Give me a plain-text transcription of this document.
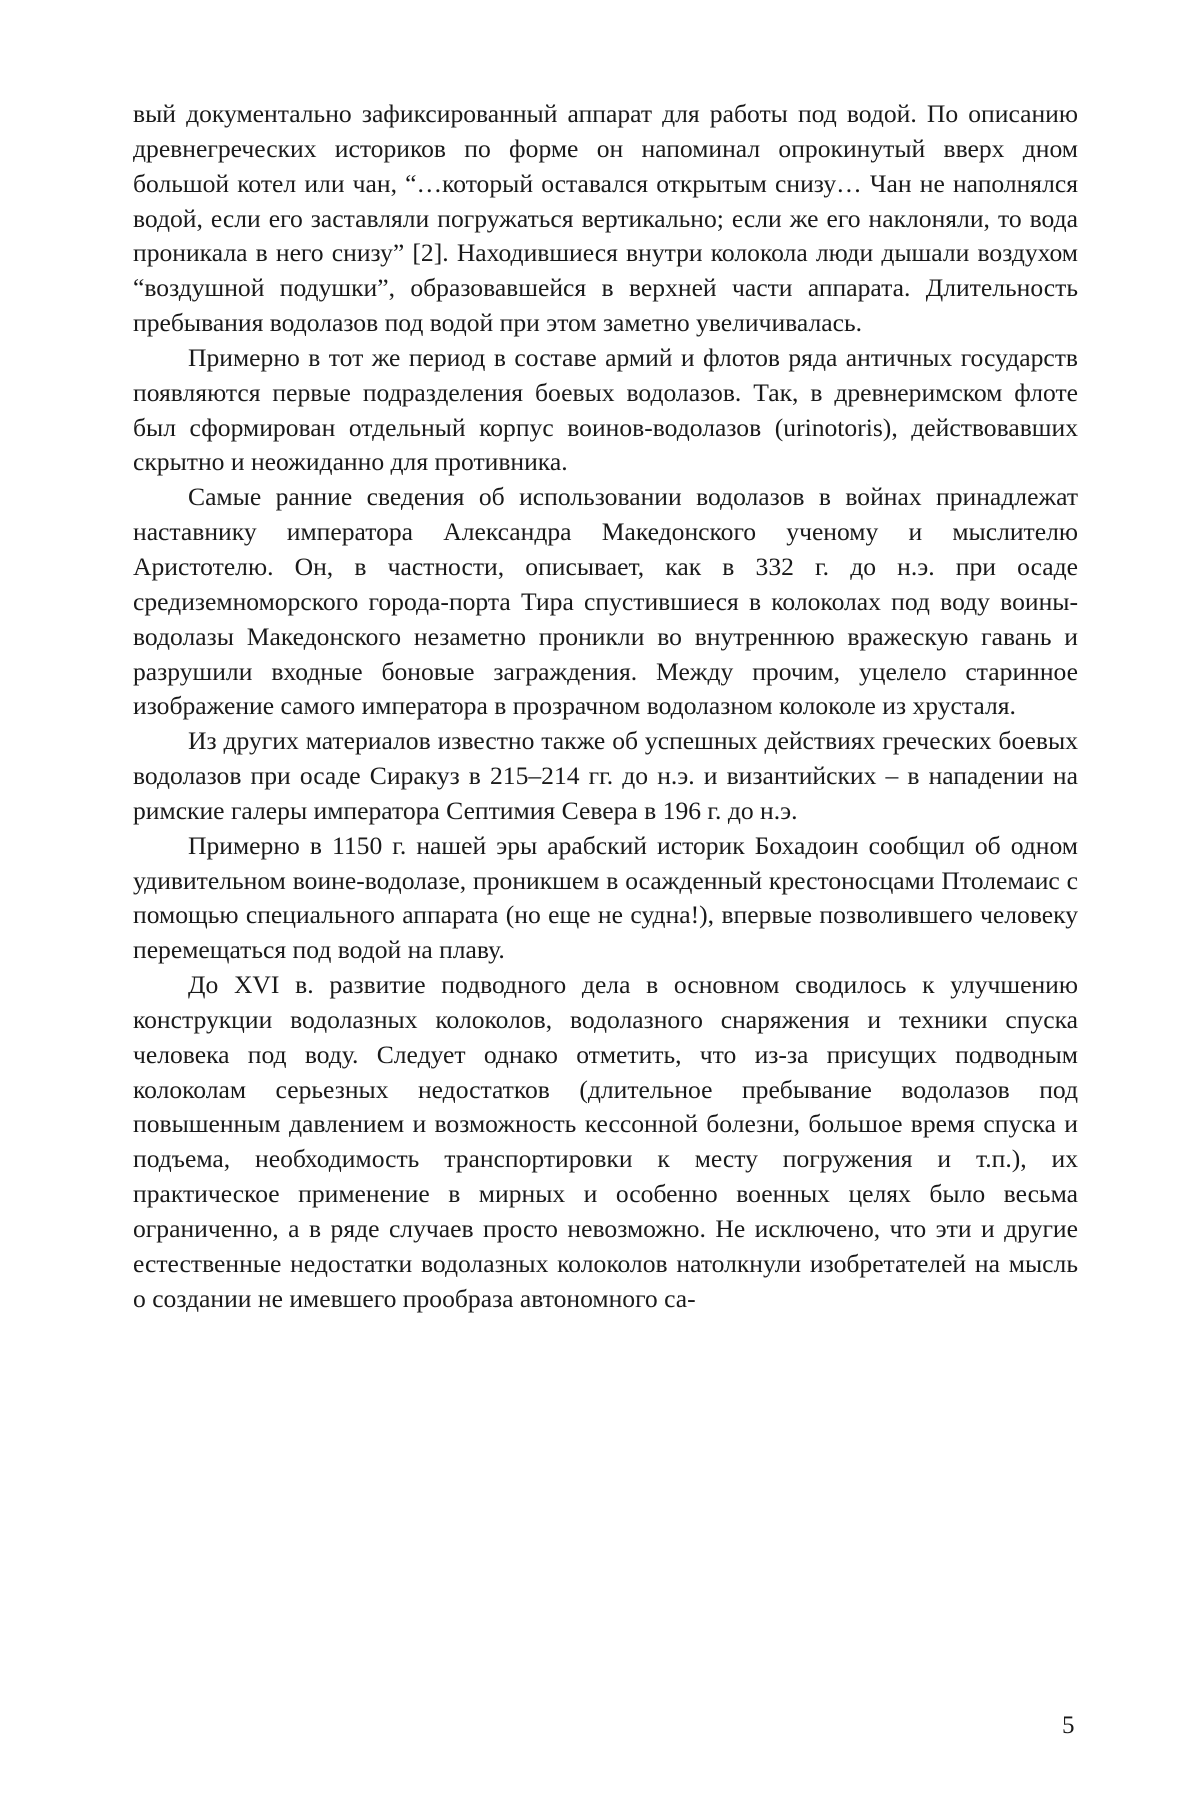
вый документально зафиксированный аппарат для работы под водой. По описанию древнегреческих историков по форме он напоминал опрокинутый вверх дном большой котел или чан, “…который оставался открытым снизу… Чан не наполнялся водой, если его заставляли погружаться вертикально; если же его наклоняли, то вода проникала в него снизу” [2]. Находившиеся внутри колокола люди дышали воздухом “воздушной подушки”, образовавшейся в верхней части аппарата. Длительность пребывания водолазов под водой при этом заметно увеличивалась.

Примерно в тот же период в составе армий и флотов ряда античных государств появляются первые подразделения боевых водолазов. Так, в древнеримском флоте был сформирован отдельный корпус воинов-водолазов (urinotoris), действовавших скрытно и неожиданно для противника.

Самые ранние сведения об использовании водолазов в войнах принадлежат наставнику императора Александра Македонского ученому и мыслителю Аристотелю. Он, в частности, описывает, как в 332 г. до н.э. при осаде средиземноморского города-порта Тира спустившиеся в колоколах под воду воины-водолазы Македонского незаметно проникли во внутреннюю вражескую гавань и разрушили входные боновые заграждения. Между прочим, уцелело старинное изображение самого императора в прозрачном водолазном колоколе из хрусталя.

Из других материалов известно также об успешных действиях греческих боевых водолазов при осаде Сиракуз в 215–214 гг. до н.э. и византийских – в нападении на римские галеры императора Септимия Севера в 196 г. до н.э.

Примерно в 1150 г. нашей эры арабский историк Бохадоин сообщил об одном удивительном воине-водолазе, проникшем в осажденный крестоносцами Птолемаис с помощью специального аппарата (но еще не судна!), впервые позволившего человеку перемещаться под водой на плаву.

До XVI в. развитие подводного дела в основном сводилось к улучшению конструкции водолазных колоколов, водолазного снаряжения и техники спуска человека под воду. Следует однако отметить, что из-за присущих подводным колоколам серьезных недостатков (длительное пребывание водолазов под повышенным давлением и возможность кессонной болезни, большое время спуска и подъема, необходимость транспортировки к месту погружения и т.п.), их практическое применение в мирных и особенно военных целях было весьма ограниченно, а в ряде случаев просто невозможно. Не исключено, что эти и другие естественные недостатки водолазных колоколов натолкнули изобретателей на мысль о создании не имевшего прообраза автономного са-

5
